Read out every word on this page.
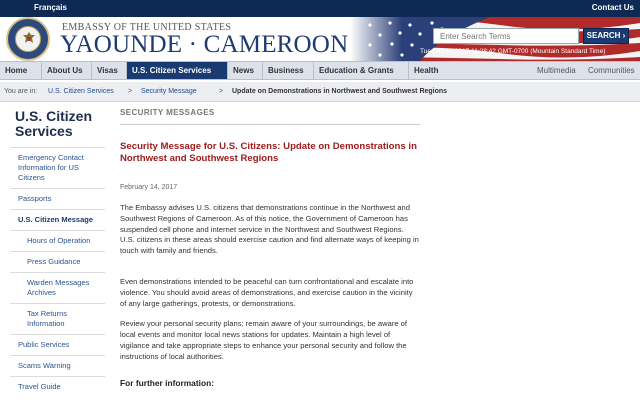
Français	Contact Us
EMBASSY OF THE UNITED STATES
YAOUNDE · CAMEROON
Enter Search Terms	SEARCH ›
Tue Feb 14 2017 11:28:42 GMT-0700 (Mountain Standard Time)
Home	About Us	Visas	U.S. Citizen Services	News	Business	Education & Grants	Health	Multimedia Communities
You are in: U.S. Citizen Services > Security Message	> Update on Demonstrations in Northwest and Southwest Regions
U.S. Citizen Services
Emergency Contact Information for US Citizens
Passports
U.S. Citizen Message
Hours of Operation
Press Guidance
Warden Messages Archives
Tax Returns Information
Public Services
Scams Warning
Travel Guide
SECURITY MESSAGES
Security Message for U.S. Citizens: Update on Demonstrations in Northwest and Southwest Regions
February 14, 2017

The Embassy advises U.S. citizens that demonstrations continue in the Northwest and Southwest Regions of Cameroon. As of this notice, the Government of Cameroon has suspended cell phone and internet service in the Northwest and Southwest Regions. U.S. citizens in these areas should exercise caution and find alternate ways of keeping in touch with family and friends.

Even demonstrations intended to be peaceful can turn confrontational and escalate into violence. You should avoid areas of demonstrations, and exercise caution in the vicinity of any large gatherings, protests, or demonstrations.

Review your personal security plans; remain aware of your surroundings, be aware of local events and monitor local news stations for updates. Maintain a high level of vigilance and take appropriate steps to enhance your personal security and follow the instructions of local authorities.

For further information:
